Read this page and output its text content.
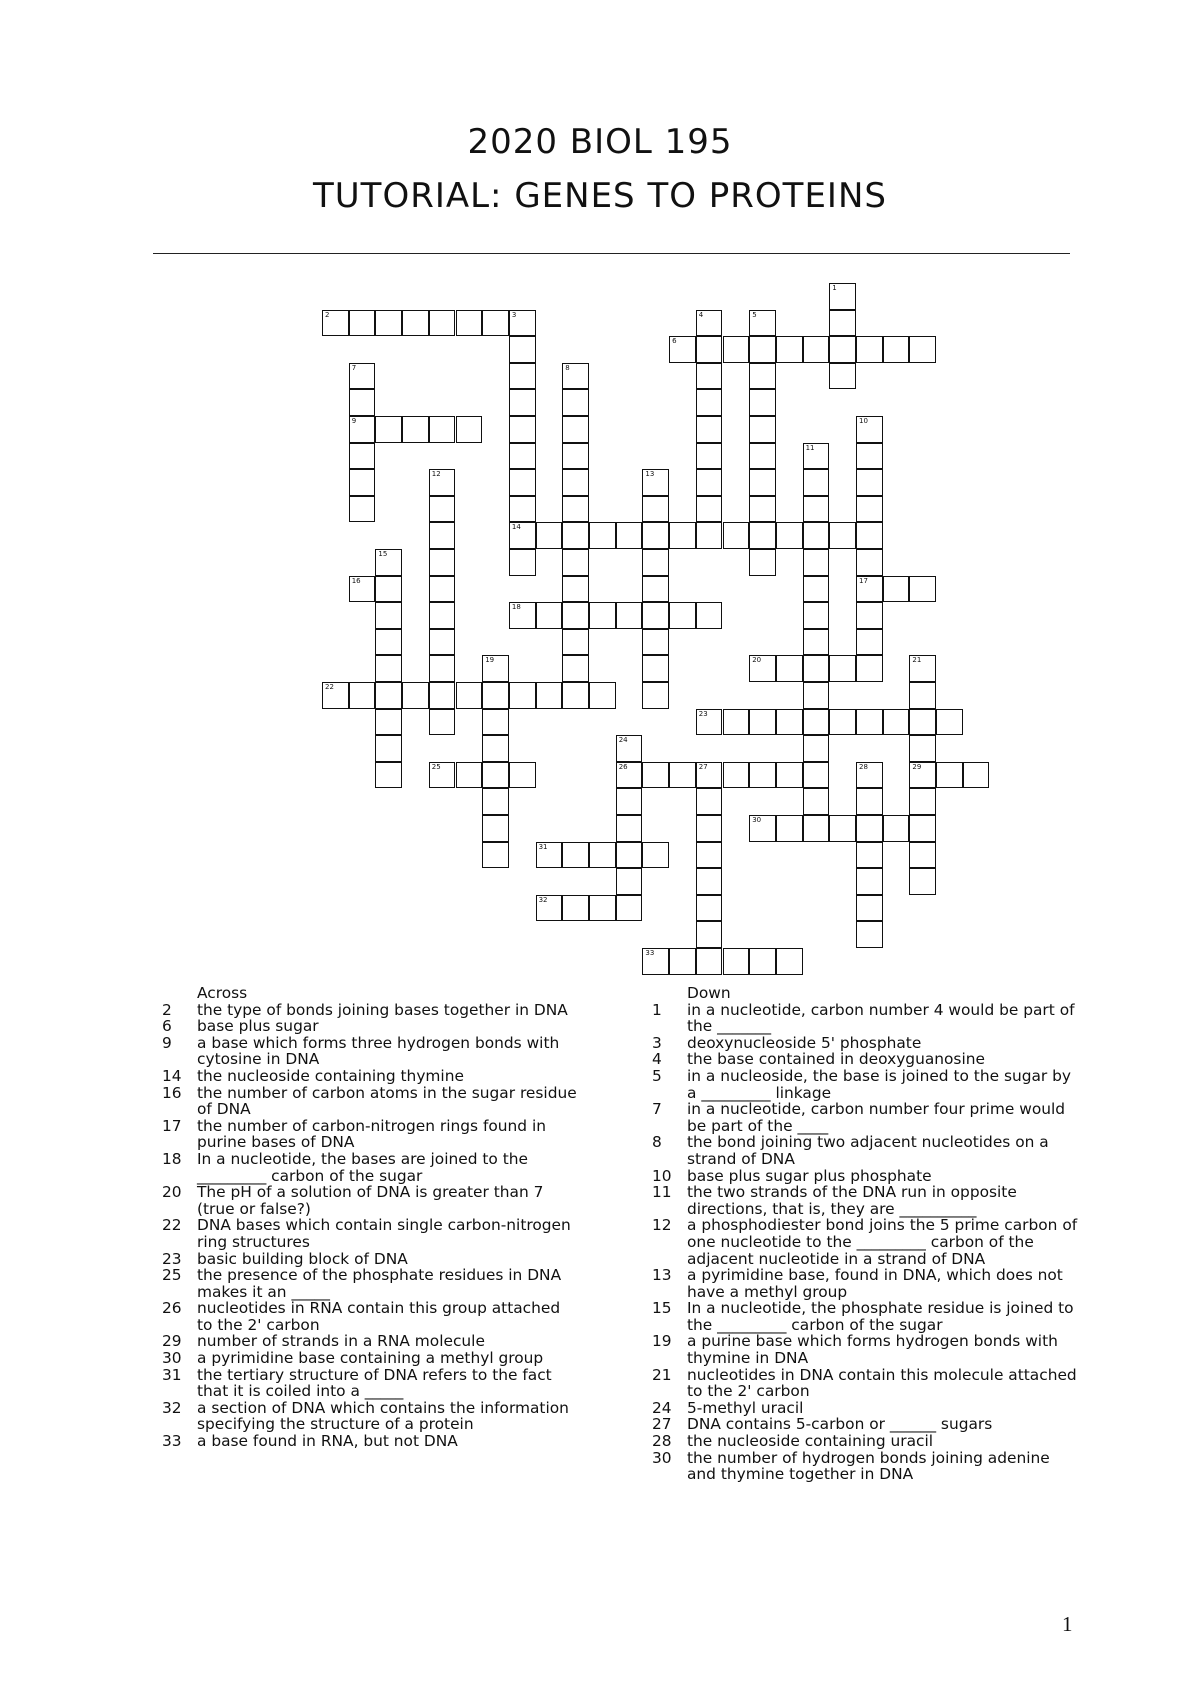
2020 BIOL 195
TUTORIAL: GENES TO PROTEINS
1
2	3
14
4	5
6
7
9
8
10
17
11
12	13
15
16
18
19	20	21
29
22
23
24
26
25	27	28
30
31
32
33
Across
2	the type of bonds joining bases together in DNA
6	base plus sugar
9	a base which forms three hydrogen bonds with cytosine in DNA
14	the nucleoside containing thymine
16	the number of carbon atoms in the sugar residue of DNA
17	the number of carbon-nitrogen rings found in purine bases of DNA
18	In a nucleotide, the bases are joined to the _________ carbon of the sugar
20	The pH of a solution of DNA is greater than 7 (true or false?)
22	DNA bases which contain single carbon-nitrogen ring structures
23	basic building block of DNA
25	the presence of the phosphate residues in DNA makes it an _____
26	nucleotides in RNA contain this group attached to the 2' carbon
29	number of strands in a RNA molecule
30	a pyrimidine base containing a methyl group
31	the tertiary structure of DNA refers to the fact that it is coiled into a _____
32	a section of DNA which contains the information specifying the structure of a protein
33	a base found in RNA, but not DNA
Down
1	in a nucleotide, carbon number 4 would be part of the _______
3	deoxynucleoside 5' phosphate
4	the base contained in deoxyguanosine
5	in a nucleoside, the base is joined to the sugar by a _________ linkage
7	in a nucleotide, carbon number four prime would be part of the ____
8	the bond joining two adjacent nucleotides on a strand of DNA
10	base plus sugar plus phosphate
11	the two strands of the DNA run in opposite directions, that is, they are __________
12	a phosphodiester bond joins the 5 prime carbon of one nucleotide to the _________ carbon of the adjacent nucleotide in a strand of DNA
13	a pyrimidine base, found in DNA, which does not have a methyl group
15	In a nucleotide, the phosphate residue is joined to the _________ carbon of the sugar
19	a purine base which forms hydrogen bonds with thymine in DNA
21	nucleotides in DNA contain this molecule attached to the 2' carbon
24	5-methyl uracil
27	DNA contains 5-carbon or ______ sugars
28	the nucleoside containing uracil
30	the number of hydrogen bonds joining adenine and thymine together in DNA
1
